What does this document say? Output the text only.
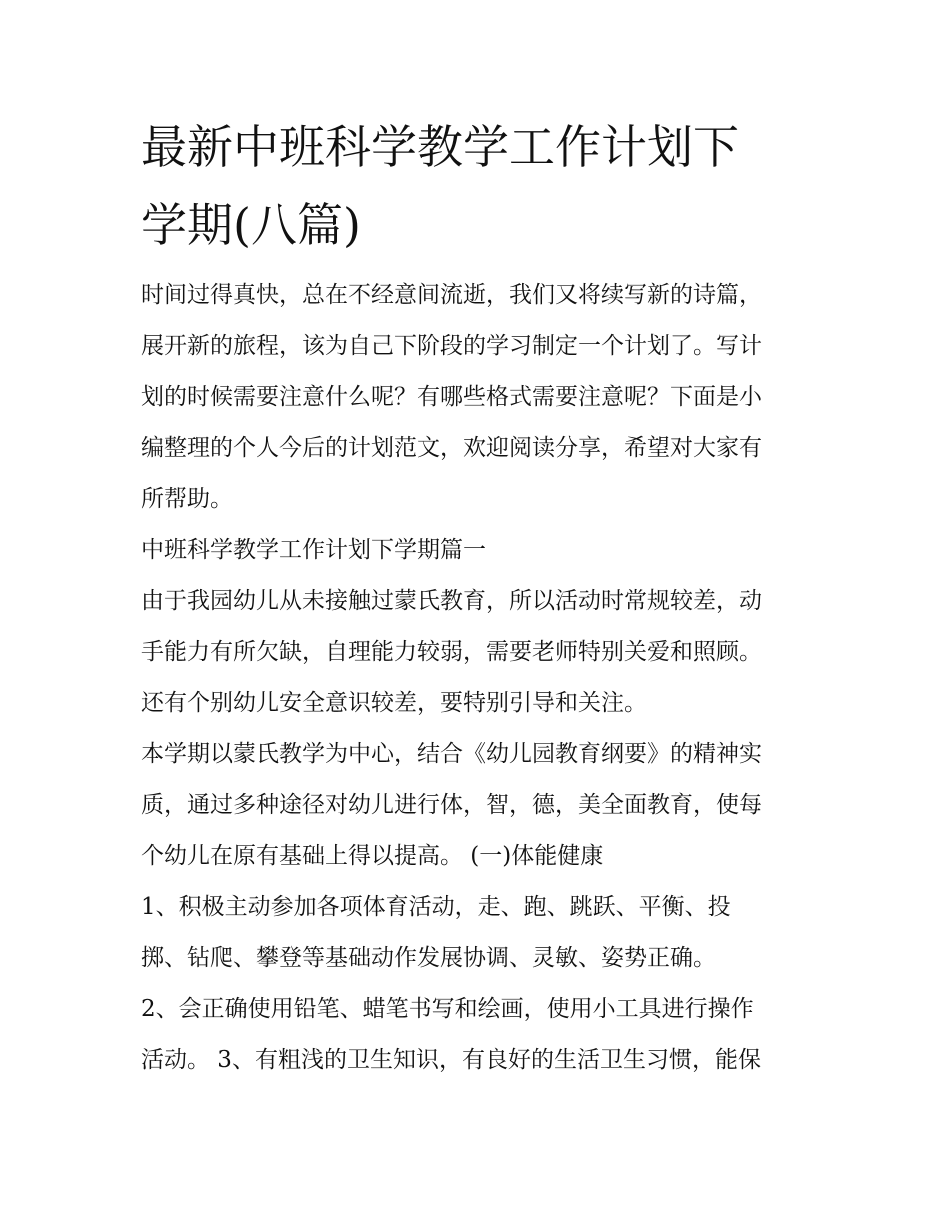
最新中班科学教学工作计划下
学期(八篇)
时间过得真快，总在不经意间流逝，我们又将续写新的诗篇，
展开新的旅程，该为自己下阶段的学习制定一个计划了。写计
划的时候需要注意什么呢？有哪些格式需要注意呢？下面是小
编整理的个人今后的计划范文，欢迎阅读分享，希望对大家有
所帮助。
中班科学教学工作计划下学期篇一
由于我园幼儿从未接触过蒙氏教育，所以活动时常规较差，动
手能力有所欠缺，自理能力较弱，需要老师特别关爱和照顾。
还有个别幼儿安全意识较差，要特别引导和关注。
本学期以蒙氏教学为中心，结合《幼儿园教育纲要》的精神实
质，通过多种途径对幼儿进行体，智，德，美全面教育，使每
个幼儿在原有基础上得以提高。 (一)体能健康
1、积极主动参加各项体育活动，走、跑、跳跃、平衡、投
掷、钻爬、攀登等基础动作发展协调、灵敏、姿势正确。
2、会正确使用铅笔、蜡笔书写和绘画，使用小工具进行操作
活动。 3、有粗浅的卫生知识，有良好的生活卫生习惯，能保
